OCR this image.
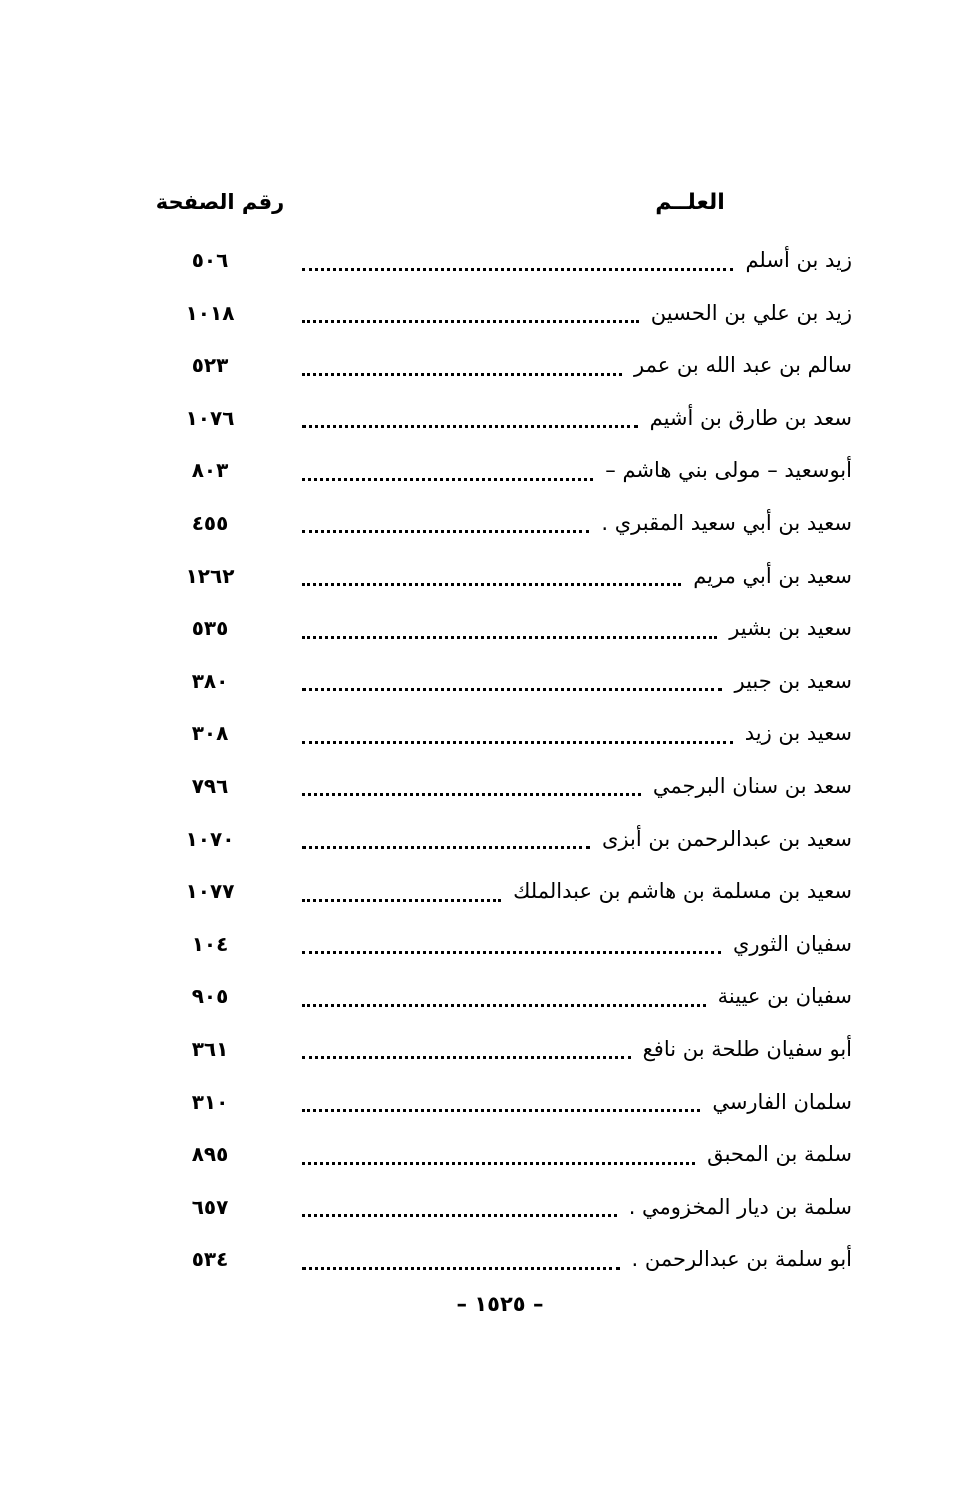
العلــم
رقم الصفحة
زيد بن أسلم
٥٠٦
زيد بن علي بن الحسين
١٠١٨
سالم بن عبد الله بن عمر
٥٢٣
سعد بن طارق بن أشيم
١٠٧٦
أبوسعيد – مولى بني هاشم –
٨٠٣
سعيد بن أبي سعيد المقبري .
٤٥٥
سعيد بن أبي مريم
١٢٦٢
سعيد بن بشير
٥٣٥
سعيد بن جبير
٣٨٠
سعيد بن زيد
٣٠٨
سعد بن سنان البرجمي
٧٩٦
سعيد بن عبدالرحمن بن أبزى
١٠٧٠
سعيد بن مسلمة بن هاشم بن عبدالملك
١٠٧٧
سفيان الثوري
١٠٤
سفيان بن عيينة
٩٠٥
أبو سفيان طلحة بن نافع
٣٦١
سلمان الفارسي
٣١٠
سلمة بن المحبق
٨٩٥
سلمة بن ديار المخزومي .
٦٥٧
أبو سلمة بن عبدالرحمن .
٥٣٤
– ١٥٢٥ –
